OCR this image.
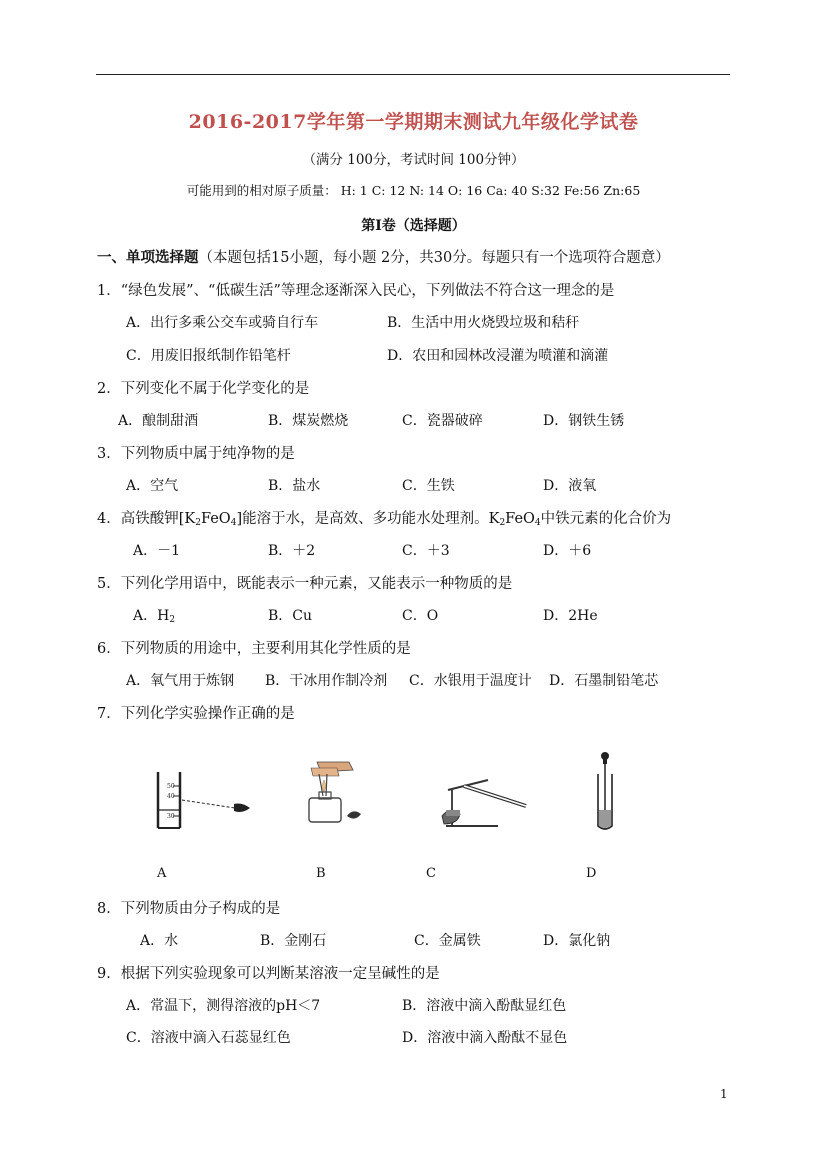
2016-2017学年第一学期期末测试九年级化学试卷
（满分 100分，考试时间 100分钟）
可能用到的相对原子质量： H: 1 C: 12 N: 14 O: 16 Ca: 40 S:32 Fe:56 Zn:65
第I卷（选择题）
一、单项选择题（本题包括15小题，每小题 2分，共30分。每题只有一个选项符合题意）
1．“绿色发展”、“低碳生活”等理念逐渐深入民心，下列做法不符合这一理念的是
A．出行多乘公交车或骑自行车	B．生活中用火烧毁垃圾和秸秆
C．用废旧报纸制作铅笔杆	D．农田和园林改浸灌为喷灌和滴灌
2．下列变化不属于化学变化的是
A．酿制甜酒	B．煤炭燃烧	C．瓷器破碎	D．钢铁生锈
3．下列物质中属于纯净物的是
A．空气	B．盐水	C．生铁	D．液氧
4．高铁酸钾[K2FeO4]能溶于水，是高效、多功能水处理剂。K2FeO4中铁元素的化合价为
A．－1	B．＋2	C．＋3	D．＋6
5．下列化学用语中，既能表示一种元素，又能表示一种物质的是
A．H2	B．Cu	C．O	D．2He
6．下列物质的用途中，主要利用其化学性质的是
A．氧气用于炼钢 B．干冰用作制冷剂 C．水银用于温度计 D．石墨制铅笔芯
7．下列化学实验操作正确的是
50
40
30
A	B	C	D
8．下列物质由分子构成的是
A．水	B．金刚石	C．金属铁	D．氯化钠
9．根据下列实验现象可以判断某溶液一定呈碱性的是
A．常温下，测得溶液的pH＜7	B．溶液中滴入酚酞显红色
C．溶液中滴入石蕊显红色	D．溶液中滴入酚酞不显色
1
